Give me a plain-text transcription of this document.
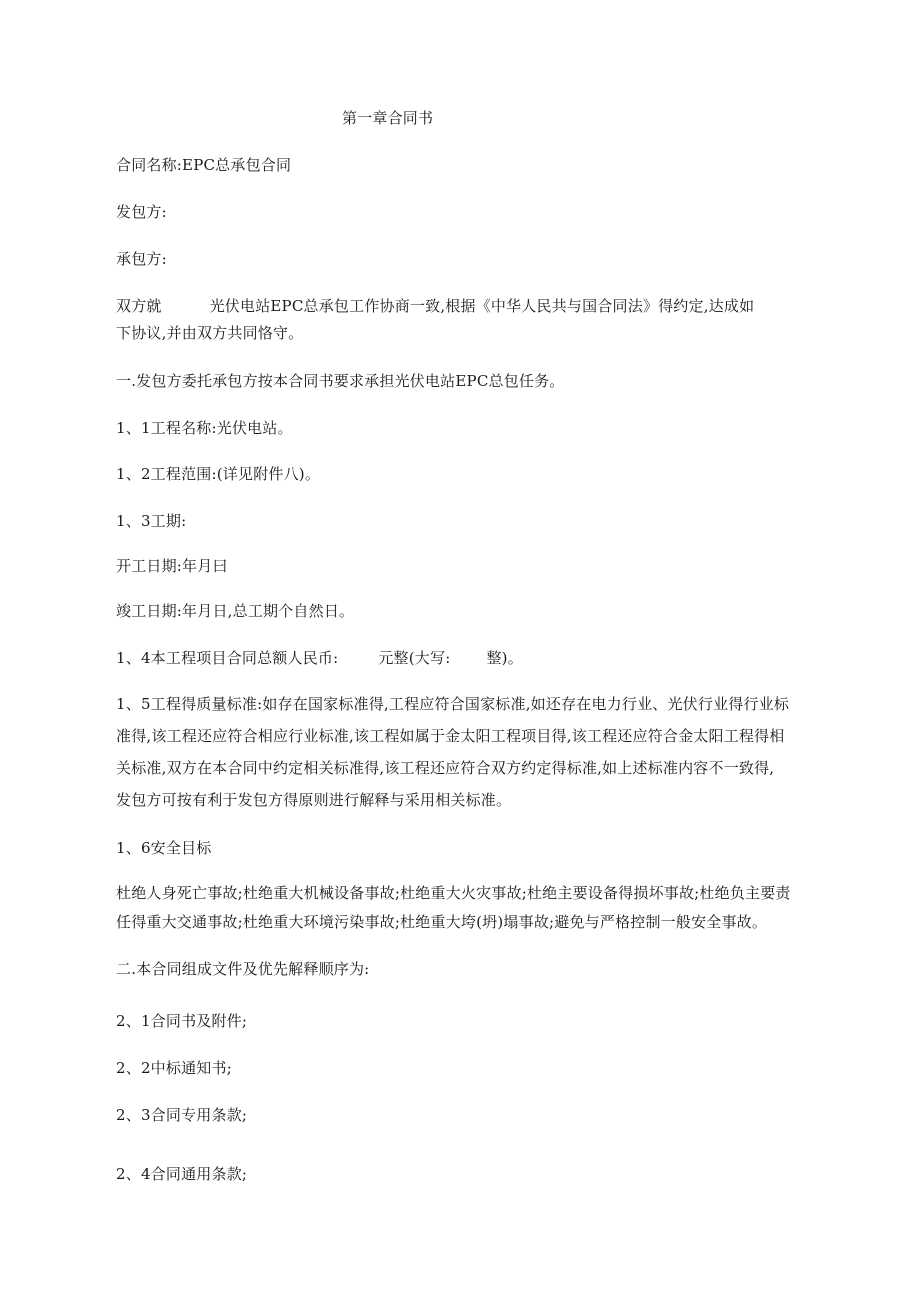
第一章合同书
合同名称:EPC总承包合同
发包方:
承包方:
双方就	光伏电站EPC总承包工作协商一致,根据《中华人民共与国合同法》得约定,达成如
下协议,并由双方共同恪守。
一.发包方委托承包方按本合同书要求承担光伏电站EPC总包任务。
1、1工程名称:光伏电站。
1、2工程范围:(详见附件八)。
1、3工期:
开工日期:年月曰
竣工日期:年月日,总工期个自然日。
1、4本工程项目合同总额人民币:	元整(大写: 整)。
1、5工程得质量标准:如存在国家标准得,工程应符合国家标准,如还存在电力行业、光伏行业得行业标
准得,该工程还应符合相应行业标准,该工程如属于金太阳工程项目得,该工程还应符合金太阳工程得相
关标准,双方在本合同中约定相关标准得,该工程还应符合双方约定得标准,如上述标准内容不一致得,
发包方可按有利于发包方得原则进行解释与采用相关标准。
1、6安全目标
杜绝人身死亡事故;杜绝重大机械设备事故;杜绝重大火灾事故;杜绝主要设备得损坏事故;杜绝负主要责
任得重大交通事故;杜绝重大环境污染事故;杜绝重大垮(坍)塌事故;避免与严格控制一般安全事故。
二.本合同组成文件及优先解释顺序为:
2、1合同书及附件;
2、2中标通知书;
2、3合同专用条款;
2、4合同通用条款;
